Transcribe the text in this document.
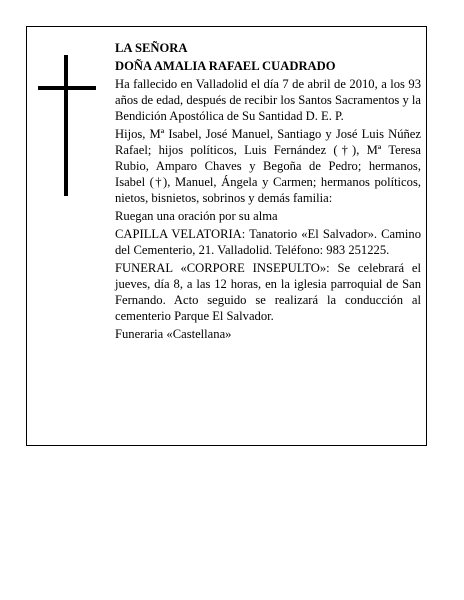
LA SEÑORA

DOÑA AMALIA RAFAEL CUADRADO

Ha fallecido en Valladolid el día 7 de abril de 2010, a los 93 años de edad, después de recibir los Santos Sacramentos y la Bendición Apostólica de Su Santidad D. E. P.

Hijos, Mª Isabel, José Manuel, Santiago y José Luis Núñez Rafael; hijos políticos, Luis Fernández (†), Mª Teresa Rubio, Amparo Chaves y Begoña de Pedro; hermanos, Isabel (†), Manuel, Ángela y Carmen; hermanos políticos, nietos, bisnietos, sobrinos y demás familia:

Ruegan una oración por su alma

CAPILLA VELATORIA: Tanatorio «El Salvador». Camino del Cementerio, 21. Valladolid. Teléfono: 983 251225.

FUNERAL «CORPORE INSEPULTO»: Se celebrará el jueves, día 8, a las 12 horas, en la iglesia parroquial de San Fernando. Acto seguido se realizará la conducción al cementerio Parque El Salvador.

Funeraria «Castellana»
